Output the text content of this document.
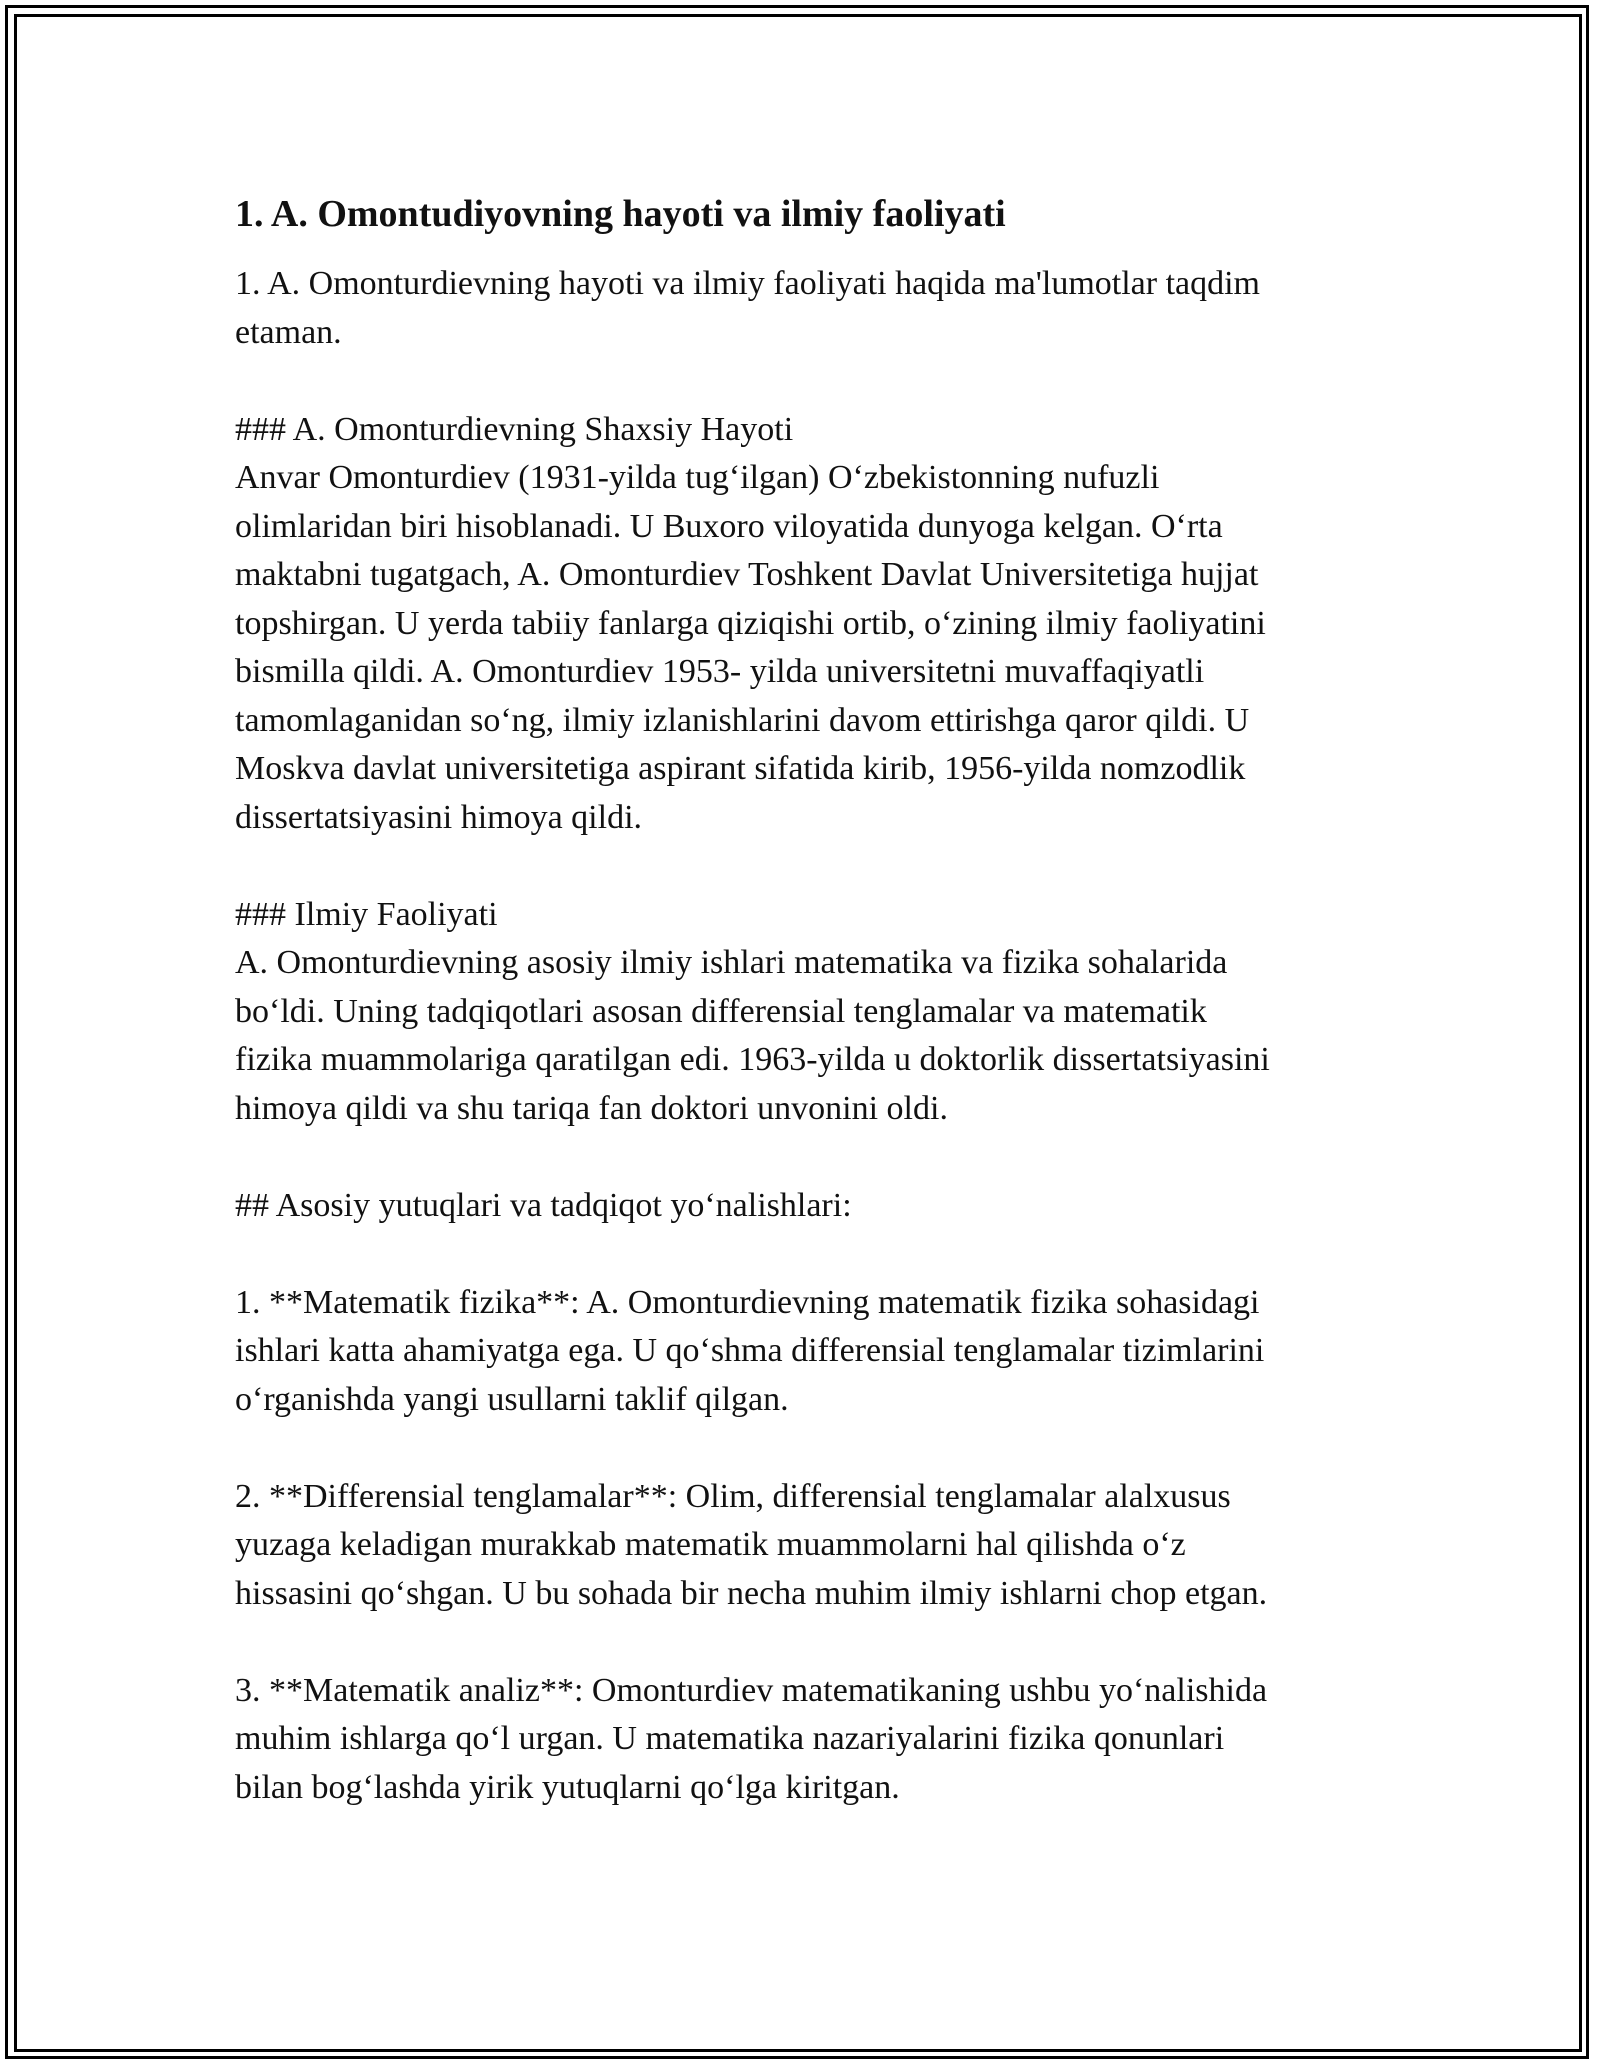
1. A. Omontudiyovning hayoti va ilmiy faoliyati

1. A. Omonturdievning hayoti va ilmiy faoliyati haqida ma'lumotlar taqdim
etaman.

### A. Omonturdievning Shaxsiy Hayoti

Anvar Omonturdiev (1931-yilda tug‘ilgan) O‘zbekistonning nufuzli
olimlaridan biri hisoblanadi. U Buxoro viloyatida dunyoga kelgan. O‘rta
maktabni tugatgach, A. Omonturdiev Toshkent Davlat Universitetiga hujjat
topshirgan. U yerda tabiiy fanlarga qiziqishi ortib, o‘zining ilmiy faoliyatini
bismilla qildi. A. Omonturdiev 1953- yilda universitetni muvaffaqiyatli
tamomlaganidan so‘ng, ilmiy izlanishlarini davom ettirishga qaror qildi. U
Moskva davlat universitetiga aspirant sifatida kirib, 1956-yilda nomzodlik
dissertatsiyasini himoya qildi.

### Ilmiy Faoliyati

A. Omonturdievning asosiy ilmiy ishlari matematika va fizika sohalarida
bo‘ldi. Uning tadqiqotlari asosan differensial tenglamalar va matematik
fizika muammolariga qaratilgan edi. 1963-yilda u doktorlik dissertatsiyasini
himoya qildi va shu tariqa fan doktori unvonini oldi.

## Asosiy yutuqlari va tadqiqot yo‘nalishlari:

1. **Matematik fizika**: A. Omonturdievning matematik fizika sohasidagi
ishlari katta ahamiyatga ega. U qo‘shma differensial tenglamalar tizimlarini
o‘rganishda yangi usullarni taklif qilgan.

2. **Differensial tenglamalar**: Olim, differensial tenglamalar alalxusus
yuzaga keladigan murakkab matematik muammolarni hal qilishda o‘z
hissasini qo‘shgan. U bu sohada bir necha muhim ilmiy ishlarni chop etgan.

3. **Matematik analiz**: Omonturdiev matematikaning ushbu yo‘nalishida
muhim ishlarga qo‘l urgan. U matematika nazariyalarini fizika qonunlari
bilan bog‘lashda yirik yutuqlarni qo‘lga kiritgan.
